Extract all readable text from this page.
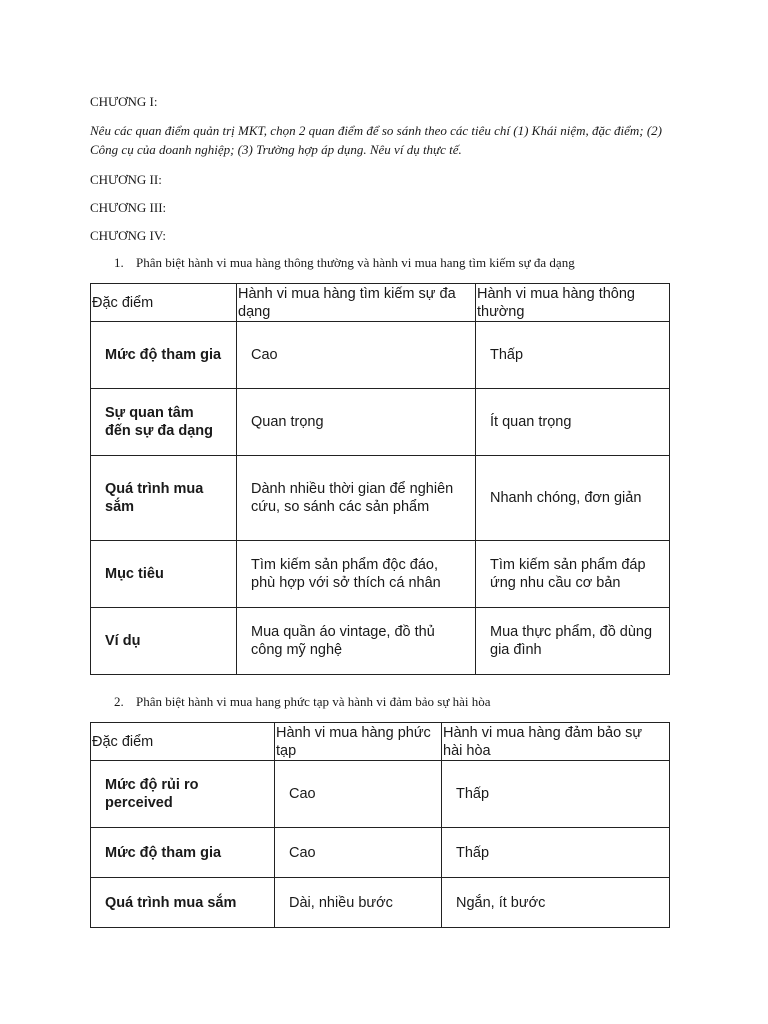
CHƯƠNG I:
Nêu các quan điểm quản trị MKT, chọn 2 quan điểm để so sánh theo các tiêu chí (1) Khái niệm, đặc điểm; (2) Công cụ của doanh nghiệp; (3) Trường hợp áp dụng. Nêu ví dụ thực tế.
CHƯƠNG II:
CHƯƠNG III:
CHƯƠNG IV:
1. Phân biệt hành vi mua hàng thông thường và hành vi mua hang tìm kiếm sự đa dạng
Đặc điểm	Hành vi mua hàng tìm kiếm sự đa dạng	Hành vi mua hàng thông thường
Mức độ tham gia	Cao	Thấp
Sự quan tâm đến sự đa dạng	Quan trọng	Ít quan trọng
Quá trình mua sắm	Dành nhiều thời gian để nghiên cứu, so sánh các sản phẩm	Nhanh chóng, đơn giản
Mục tiêu	Tìm kiếm sản phẩm độc đáo, phù hợp với sở thích cá nhân	Tìm kiếm sản phẩm đáp ứng nhu cầu cơ bản
Ví dụ	Mua quần áo vintage, đồ thủ công mỹ nghệ	Mua thực phẩm, đồ dùng gia đình
2. Phân biệt hành vi mua hang phức tạp và hành vi đảm bảo sự hài hòa
Đặc điểm	Hành vi mua hàng phức tạp	Hành vi mua hàng đảm bảo sự hài hòa
Mức độ rủi ro perceived	Cao	Thấp
Mức độ tham gia	Cao	Thấp
Quá trình mua sắm	Dài, nhiều bước	Ngắn, ít bước
